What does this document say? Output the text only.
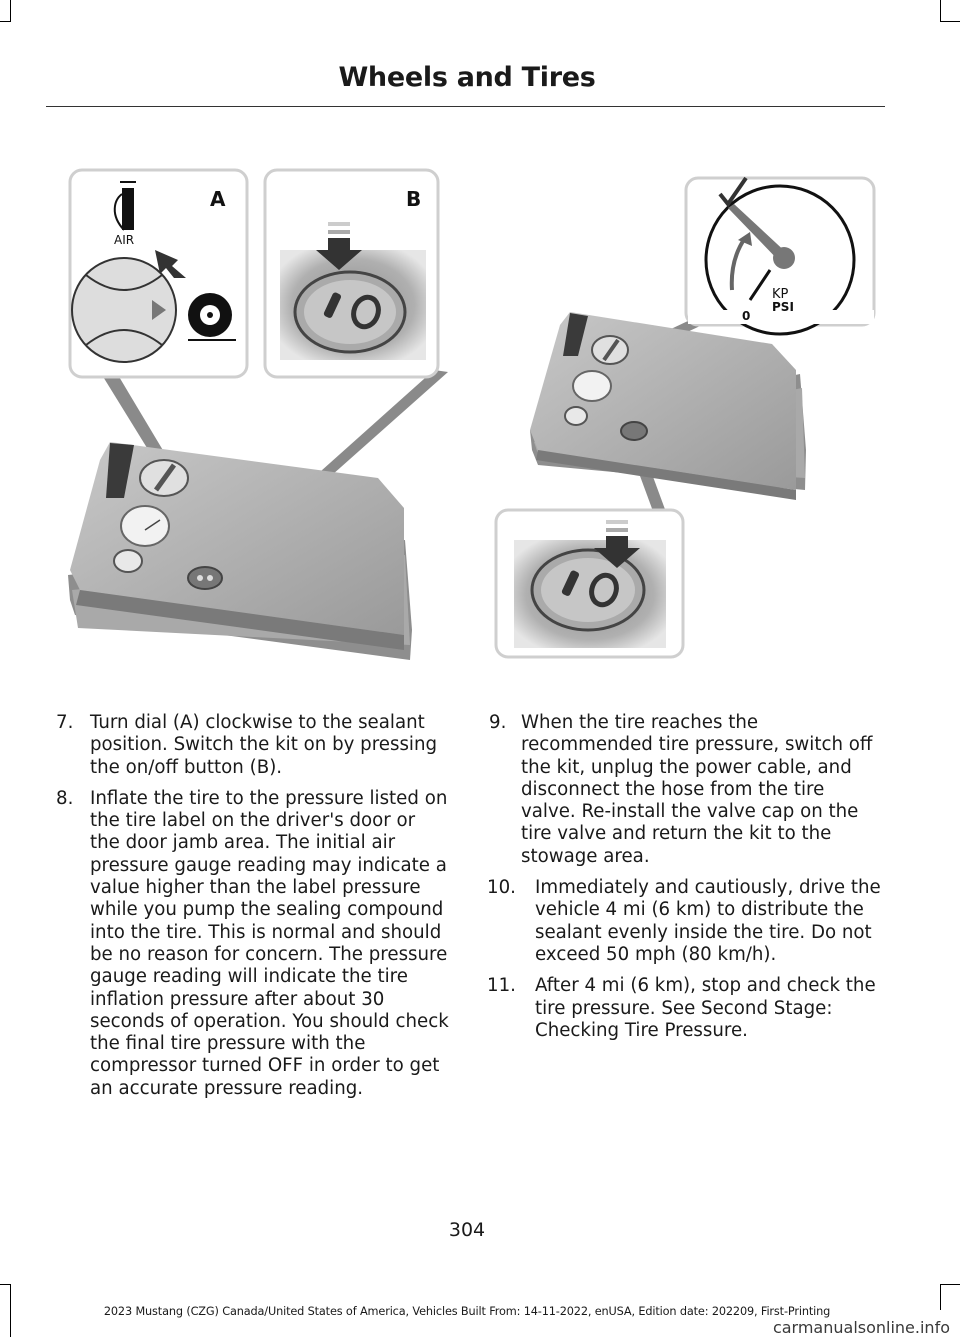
Wheels and Tires
A
AIR
B
KP
PSI
0
7. Turn dial (A) clockwise to the sealant position. Switch the kit on by pressing the on/off button (B).
8. Inflate the tire to the pressure listed on the tire label on the driver's door or the door jamb area. The initial air pressure gauge reading may indicate a value higher than the label pressure while you pump the sealing compound into the tire. This is normal and should be no reason for concern. The pressure gauge reading will indicate the tire inflation pressure after about 30 seconds of operation. You should check the final tire pressure with the compressor turned OFF in order to get an accurate pressure reading.
9. When the tire reaches the recommended tire pressure, switch off the kit, unplug the power cable, and disconnect the hose from the tire valve. Re-install the valve cap on the tire valve and return the kit to the stowage area.
10. Immediately and cautiously, drive the vehicle 4 mi (6 km) to distribute the sealant evenly inside the tire. Do not exceed 50 mph (80 km/h).
11. After 4 mi (6 km), stop and check the tire pressure. See Second Stage: Checking Tire Pressure.
304
2023 Mustang (CZG) Canada/United States of America, Vehicles Built From: 14-11-2022, enUSA, Edition date: 202209, First-Printing
carmanualsonline.info
